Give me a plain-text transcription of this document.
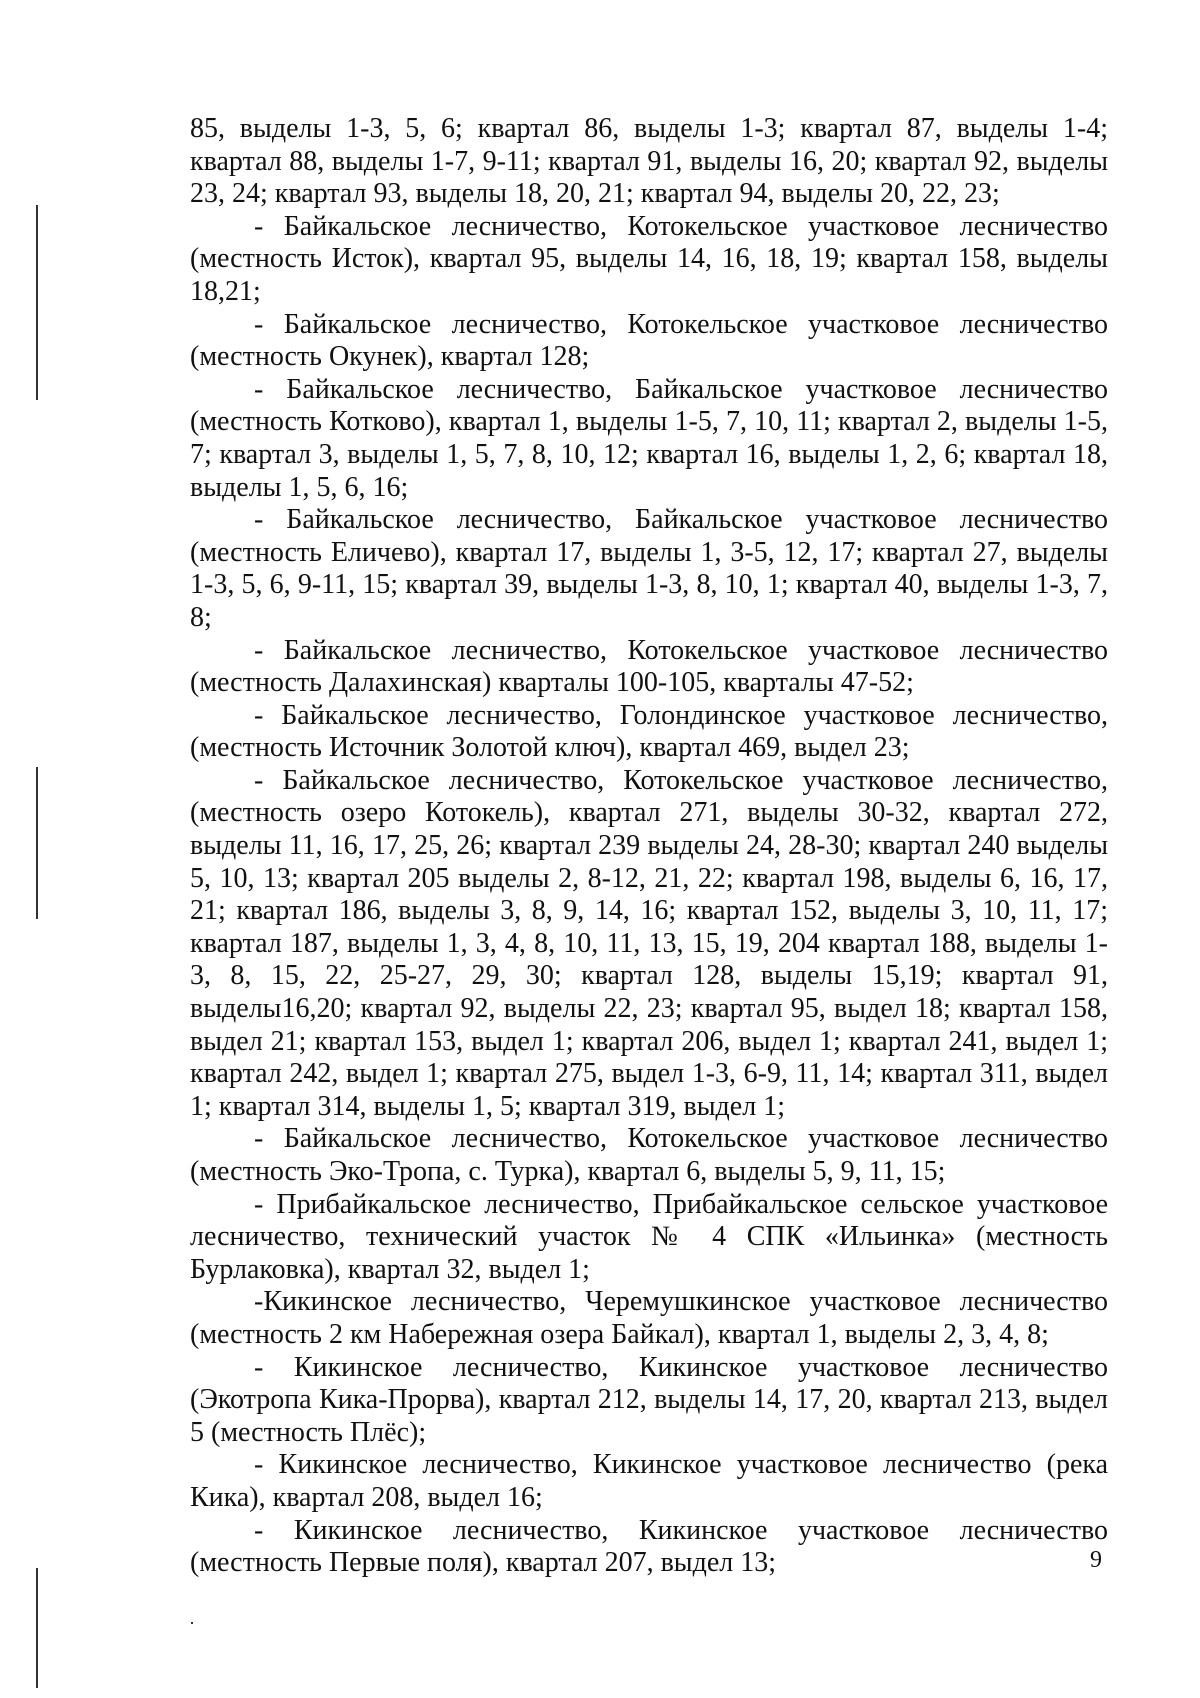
85, выделы 1-3, 5, 6; квартал 86, выделы 1-3; квартал 87, выделы 1-4; квартал 88, выделы 1-7, 9-11; квартал 91, выделы 16, 20; квартал 92, выделы 23, 24; квартал 93, выделы 18, 20, 21; квартал 94, выделы 20, 22, 23;

- Байкальское лесничество, Котокельское участковое лесничество (местность Исток), квартал 95, выделы 14, 16, 18, 19; квартал 158, выделы 18,21;

- Байкальское лесничество, Котокельское участковое лесничество (местность Окунек), квартал 128;

- Байкальское лесничество, Байкальское участковое лесничество (местность Котково), квартал 1, выделы 1-5, 7, 10, 11; квартал 2, выделы 1-5, 7; квартал 3, выделы 1, 5, 7, 8, 10, 12; квартал 16, выделы 1, 2, 6; квартал 18, выделы 1, 5, 6, 16;

- Байкальское лесничество, Байкальское участковое лесничество (местность Еличево), квартал 17, выделы 1, 3-5, 12, 17; квартал 27, выделы 1-3, 5, 6, 9-11, 15; квартал 39, выделы 1-3, 8, 10, 1; квартал 40, выделы 1-3, 7, 8;

- Байкальское лесничество, Котокельское участковое лесничество (местность Далахинская) кварталы 100-105, кварталы 47-52;

- Байкальское лесничество, Голондинское участковое лесничество, (местность Источник Золотой ключ), квартал 469, выдел 23;

- Байкальское лесничество, Котокельское участковое лесничество, (местность озеро Котокель), квартал 271, выделы 30-32, квартал 272, выделы 11, 16, 17, 25, 26; квартал 239 выделы 24, 28-30; квартал 240 выделы 5, 10, 13; квартал 205 выделы 2, 8-12, 21, 22; квартал 198, выделы 6, 16, 17, 21; квартал 186, выделы 3, 8, 9, 14, 16; квартал 152, выделы 3, 10, 11, 17; квартал 187, выделы 1, 3, 4, 8, 10, 11, 13, 15, 19, 204 квартал 188, выделы 1-3, 8, 15, 22, 25-27, 29, 30; квартал 128, выделы 15,19; квартал 91, выделы16,20; квартал 92, выделы 22, 23; квартал 95, выдел 18; квартал 158, выдел 21; квартал 153, выдел 1; квартал 206, выдел 1; квартал 241, выдел 1; квартал 242, выдел 1; квартал 275, выдел 1-3, 6-9, 11, 14; квартал 311, выдел 1; квартал 314, выделы 1, 5; квартал 319, выдел 1;

- Байкальское лесничество, Котокельское участковое лесничество (местность Эко-Тропа, с. Турка), квартал 6, выделы 5, 9, 11, 15;

- Прибайкальское лесничество, Прибайкальское сельское участковое лесничество, технический участок № 4 СПК «Ильинка» (местность Бурлаковка), квартал 32, выдел 1;

-Кикинское лесничество, Черемушкинское участковое лесничество (местность 2 км Набережная озера Байкал), квартал 1, выделы 2, 3, 4, 8;

- Кикинское лесничество, Кикинское участковое лесничество (Экотропа Кика-Прорва), квартал 212, выделы 14, 17, 20, квартал 213, выдел 5 (местность Плёс);

- Кикинское лесничество, Кикинское участковое лесничество (река Кика), квартал 208, выдел 16;

- Кикинское лесничество, Кикинское участковое лесничество (местность Первые поля), квартал 207, выдел 13;	9
